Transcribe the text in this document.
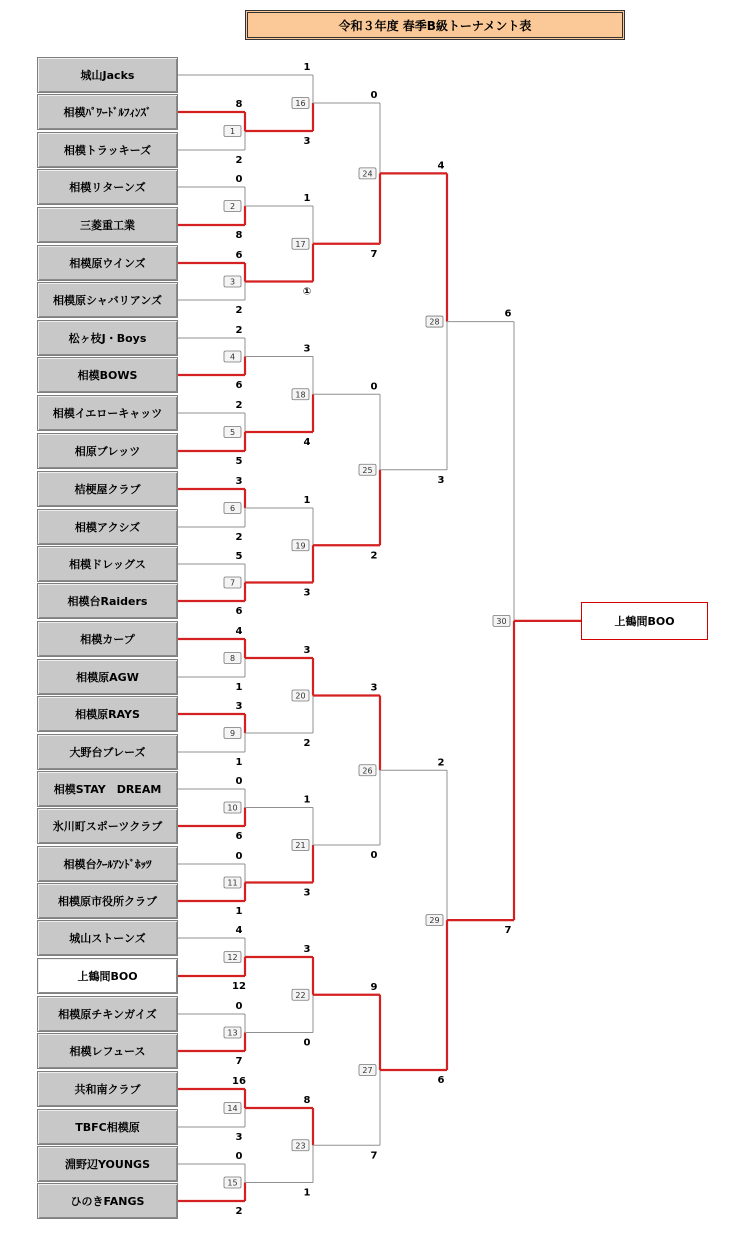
令和３年度 春季B級トーナメント表
8
2
1
0
8
2
6
2
3
2
6
4
2
5
5
3
2
6
5
6
7
4
1
8
3
1
9
0
6
10
0
1
11
4
12
12
0
7
13
16
3
14
0
2
15
1
3
16
1
①
17
3
4
18
1
3
19
3
2
20
1
3
21
3
0
22
8
1
23
0
7
24
0
2
25
3
0
26
9
7
27
4
3
28
2
6
29
6
7
30
城山Jacks
相模ﾊﾟﾜｰﾄﾞﾙﾌｨﾝｽﾞ
相模トラッキーズ
相模リターンズ
三菱重工業
相模原ウインズ
相模原シャバリアンズ
松ヶ枝J・Boys
相模BOWS
相模イエローキャッツ
相原ブレッツ
桔梗屋クラブ
相模アクシズ
相模ドレッグス
相模台Raiders
相模カープ
相模原AGW
相模原RAYS
大野台ブレーズ
相模STAY　DREAM
氷川町スポーツクラブ
相模台ｸｰﾙｱﾝﾄﾞﾎｯﾂ
相模原市役所クラブ
城山ストーンズ
上鶴間BOO
相模原チキンガイズ
相模レフュース
共和南クラブ
TBFC相模原
淵野辺YOUNGS
ひのきFANGS
上鶴間BOO
